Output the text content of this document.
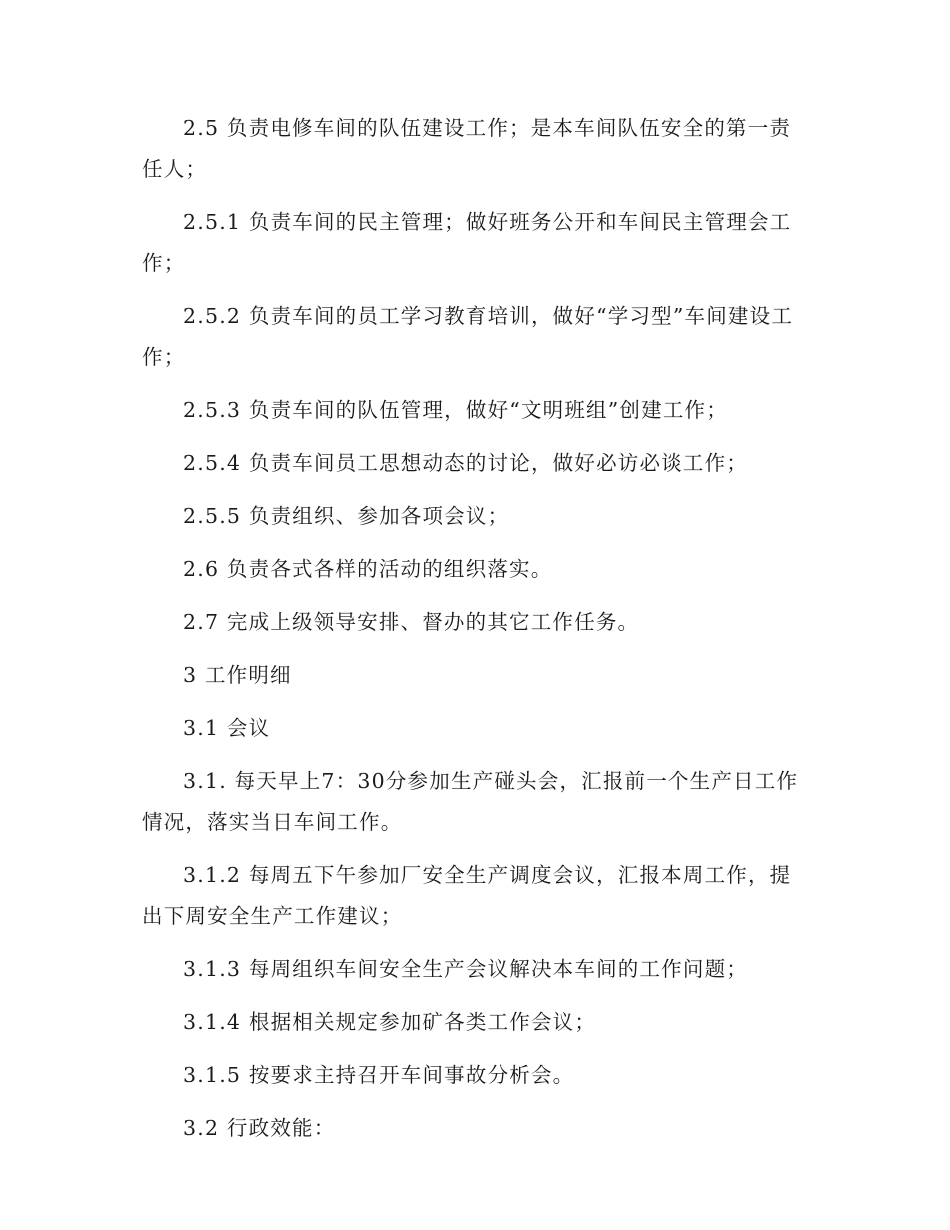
2.5 负责电修车间的队伍建设工作；是本车间队伍安全的第一责任人；

2.5.1 负责车间的民主管理；做好班务公开和车间民主管理会工作；

2.5.2 负责车间的员工学习教育培训，做好“学习型”车间建设工作；

2.5.3 负责车间的队伍管理，做好“文明班组”创建工作；

2.5.4 负责车间员工思想动态的讨论，做好必访必谈工作；

2.5.5 负责组织、参加各项会议；

2.6 负责各式各样的活动的组织落实。

2.7 完成上级领导安排、督办的其它工作任务。

3 工作明细

3.1 会议

3.1. 每天早上7：30分参加生产碰头会，汇报前一个生产日工作情况，落实当日车间工作。

3.1.2 每周五下午参加厂安全生产调度会议，汇报本周工作，提出下周安全生产工作建议；

3.1.3 每周组织车间安全生产会议解决本车间的工作问题；

3.1.4 根据相关规定参加矿各类工作会议；

3.1.5 按要求主持召开车间事故分析会。

3.2 行政效能：
